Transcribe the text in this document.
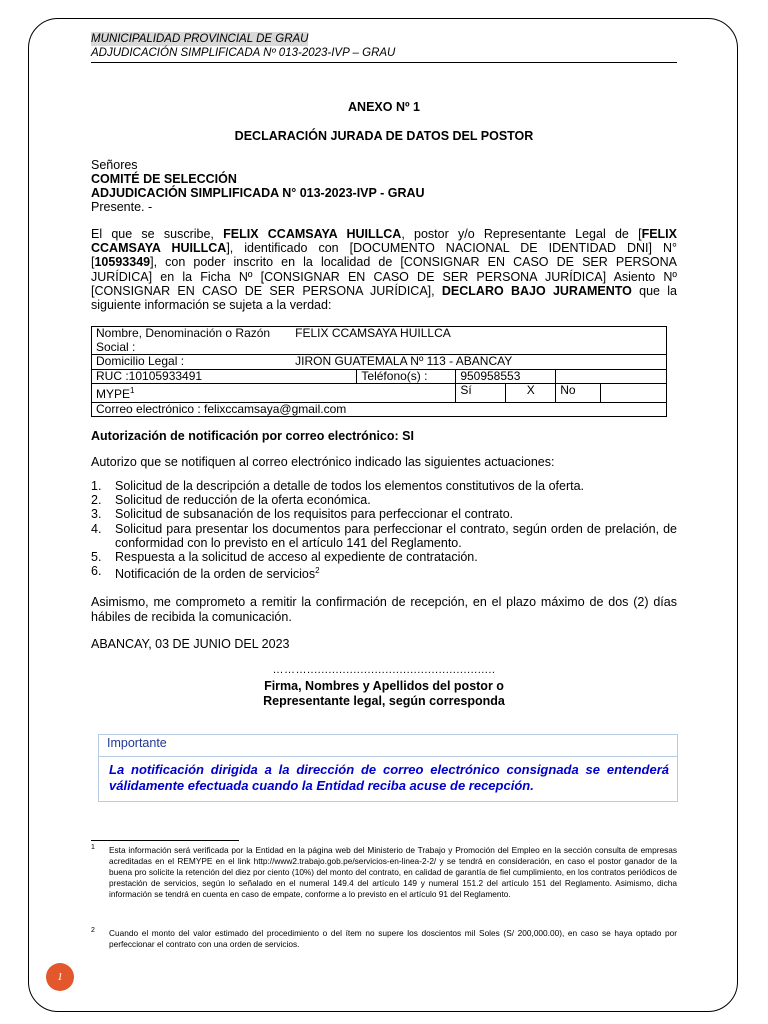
MUNICIPALIDAD PROVINCIAL DE GRAU
ADJUDICACIÓN SIMPLIFICADA Nº 013-2023-IVP – GRAU
ANEXO Nº 1
DECLARACIÓN JURADA DE DATOS DEL POSTOR
Señores
COMITÉ DE SELECCIÓN
ADJUDICACIÓN SIMPLIFICADA N° 013-2023-IVP - GRAU
Presente. -
El que se suscribe, FELIX CCAMSAYA HUILLCA, postor y/o Representante Legal de [FELIX CCAMSAYA HUILLCA], identificado con [DOCUMENTO NACIONAL DE IDENTIDAD DNI] N° [10593349], con poder inscrito en la localidad de [CONSIGNAR EN CASO DE SER PERSONA JURÍDICA] en la Ficha Nº [CONSIGNAR EN CASO DE SER PERSONA JURÍDICA] Asiento Nº [CONSIGNAR EN CASO DE SER PERSONA JURÍDICA], DECLARO BAJO JURAMENTO que la siguiente información se sujeta a la verdad:
Nombre, Denominación o Razón Social :	FELIX CCAMSAYA HUILLCA					
Domicilio Legal :	JIRON GUATEMALA Nº 113 - ABANCAY					
RUC :10105933491		Teléfono(s) :	950958553			
MYPE$^1$			Sí	X	No	
Correo electrónico : felixccamsaya@gmail.com						
Autorización de notificación por correo electrónico: SI
Autorizo que se notifiquen al correo electrónico indicado las siguientes actuaciones:
1. Solicitud de la descripción a detalle de todos los elementos constitutivos de la oferta.
2. Solicitud de reducción de la oferta económica.
3. Solicitud de subsanación de los requisitos para perfeccionar el contrato.
4. Solicitud para presentar los documentos para perfeccionar el contrato, según orden de prelación, de conformidad con lo previsto en el artículo 141 del Reglamento.
5. Respuesta a la solicitud de acceso al expediente de contratación.
6. Notificación de la orden de servicios$^2$
Asimismo, me comprometo a remitir la confirmación de recepción, en el plazo máximo de dos (2) días hábiles de recibida la comunicación.
ABANCAY, 03 DE JUNIO DEL 2023
……….....................................................
Firma, Nombres y Apellidos del postor o
Representante legal, según corresponda
Importante
La notificación dirigida a la dirección de correo electrónico consignada se entenderá válidamente efectuada cuando la Entidad reciba acuse de recepción.
1 Esta información será verificada por la Entidad en la página web del Ministerio de Trabajo y Promoción del Empleo en la sección consulta de empresas acreditadas en el REMYPE en el link http://www2.trabajo.gob.pe/servicios-en-linea-2-2/ y se tendrá en consideración, en caso el postor ganador de la buena pro solicite la retención del diez por ciento (10%) del monto del contrato, en calidad de garantía de fiel cumplimiento, en los contratos periódicos de prestación de servicios, según lo señalado en el numeral 149.4 del artículo 149 y numeral 151.2 del artículo 151 del Reglamento. Asimismo, dicha información se tendrá en cuenta en caso de empate, conforme a lo previsto en el artículo 91 del Reglamento.
2 Cuando el monto del valor estimado del procedimiento o del ítem no supere los doscientos mil Soles (S/ 200,000.00), en caso se haya optado por perfeccionar el contrato con una orden de servicios.
1
